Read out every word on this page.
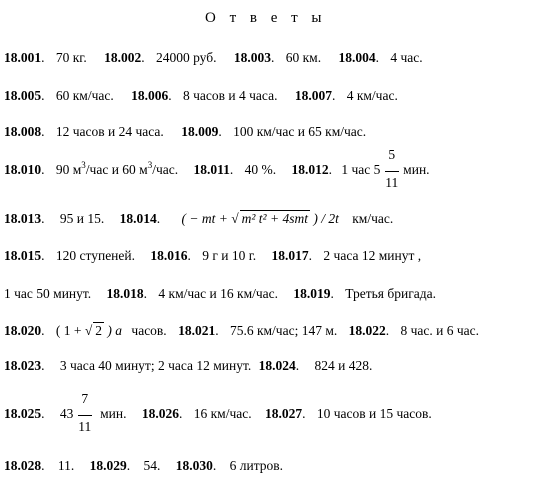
О т в е т ы
18.001. 70 кг. 18.002. 24000 руб. 18.003. 60 км. 18.004. 4 час.
18.005. 60 км/час. 18.006. 8 часов и 4 часа. 18.007. 4 км/час.
18.008. 12 часов и 24 часа. 18.009. 100 км/час и 65 км/час.
18.010. 90 $м^3$/час и 60 $м^3$/час. 18.011. 40 %. 18.012. 1 час $5 \frac{5}{11}$ мин.
18.013. 95 и 15. 18.014. ( − mt + √ m² t² + 4smt ) / 2t км/час.
18.015. 120 ступеней. 18.016. 9 г и 10 г. 18.017. 2 часа 12 минут ,
1 час 50 минут. 18.018. 4 км/час и 16 км/час. 18.019. Третья бригада.
18.020. ( 1 + √ 2 ) a часов. 18.021. 75.6 км/час; 147 м. 18.022. 8 час. и 6 час.
18.023. 3 часа 40 минут; 2 часа 12 минут. 18.024. 824 и 428.
18.025. $43 \frac{7}{11}$ мин. 18.026. 16 км/час. 18.027. 10 часов и 15 часов.
18.028. 11. 18.029. 54. 18.030. 6 литров.
